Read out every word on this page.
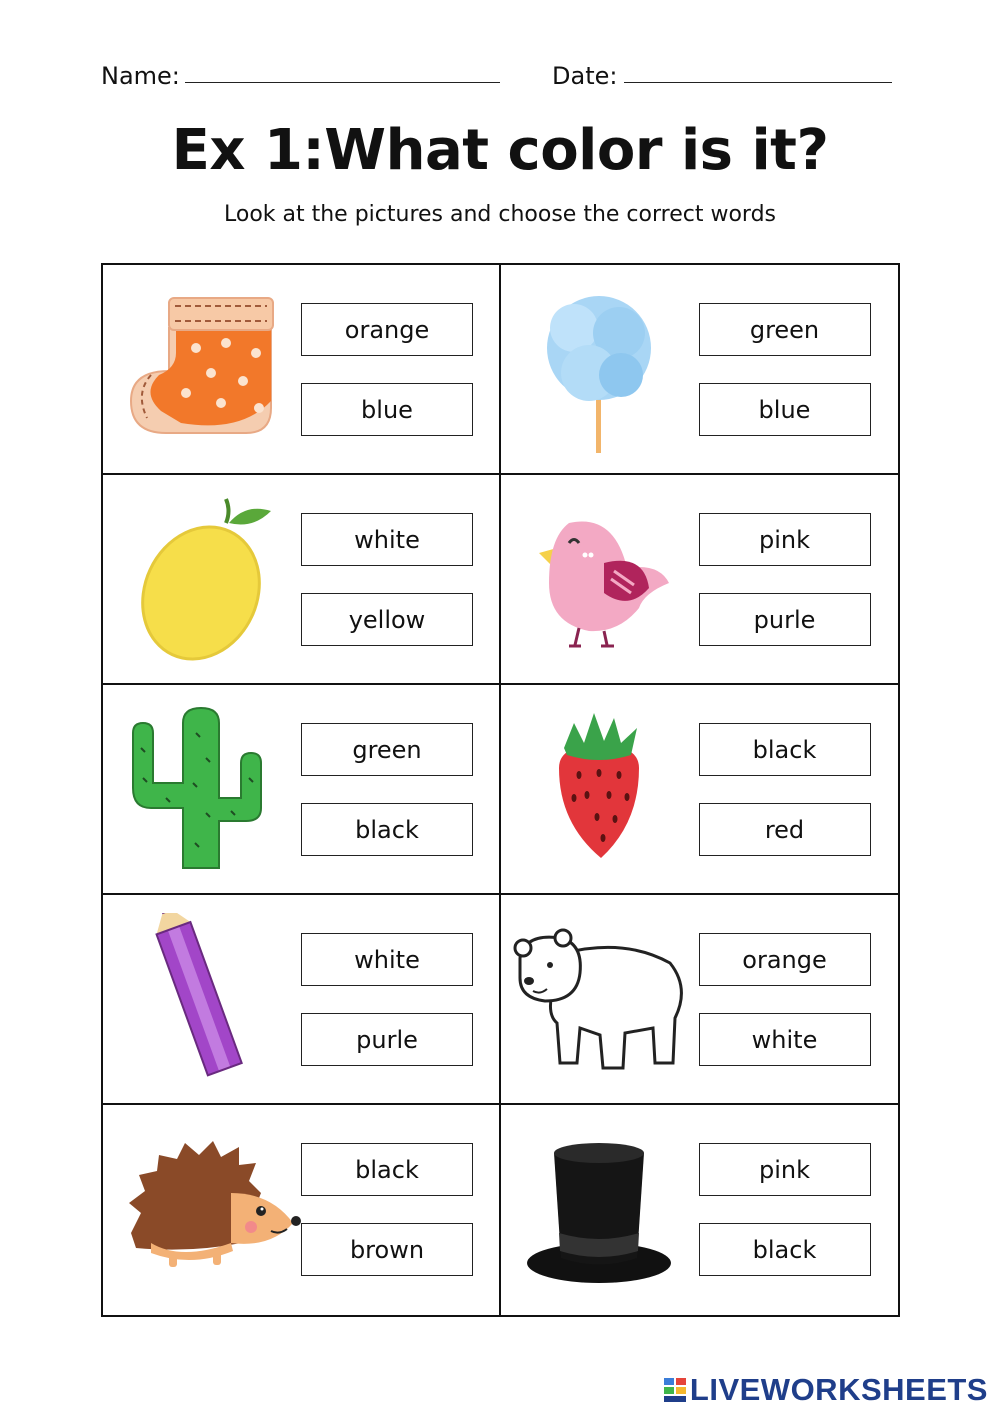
Name:	Date:
Ex 1:What color is it?
Look at the pictures and choose the correct words
orange
blue
green
blue
white
yellow
pink
purle
green
black
black
red
white
purle
orange
white
black
brown
pink
black
LIVEWORKSHEETS
